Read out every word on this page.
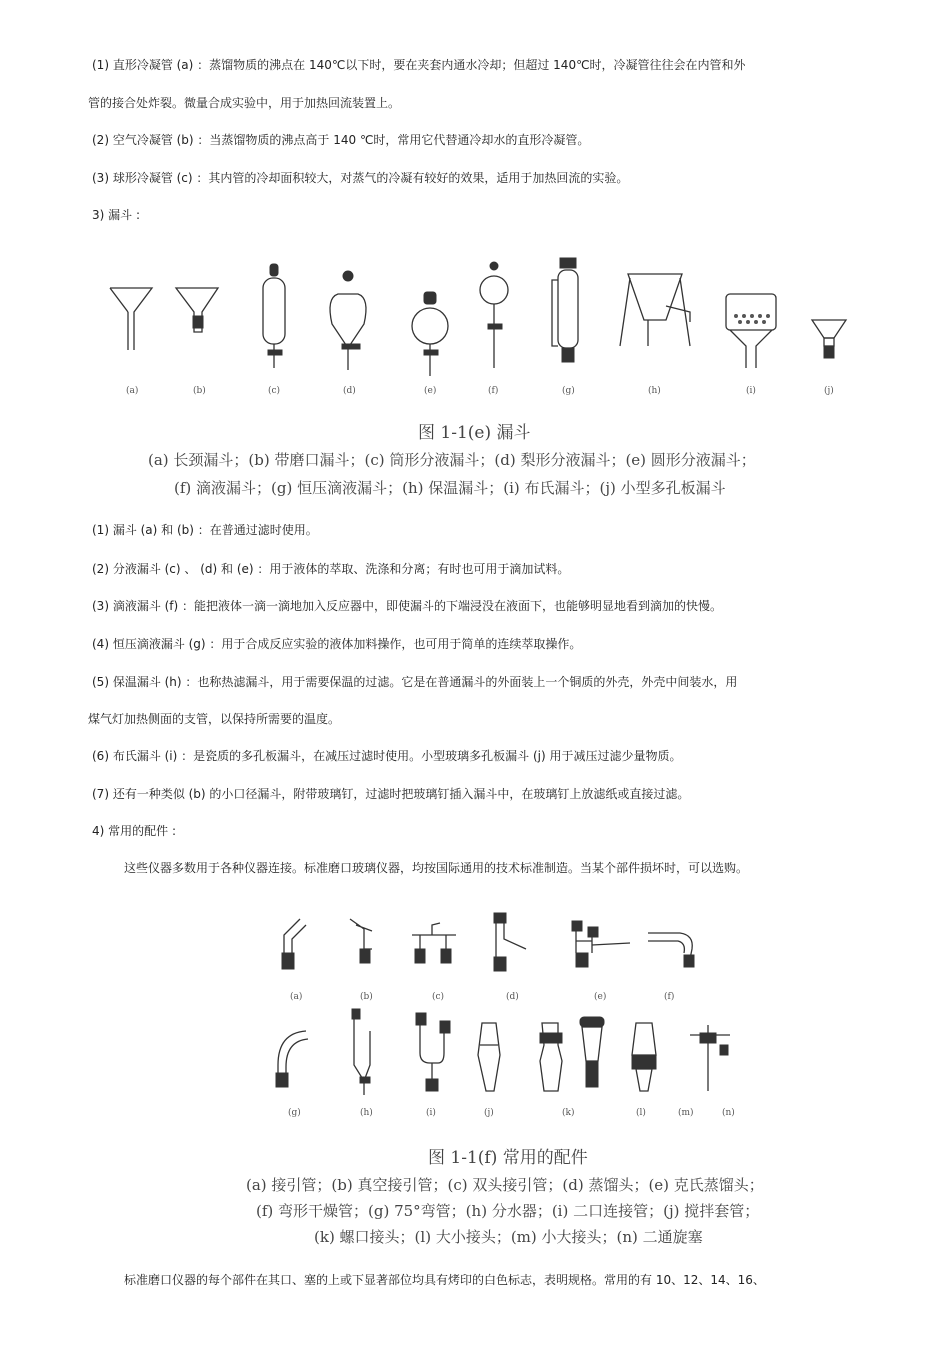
(1) 直形冷凝管 (a) ：蒸馏物质的沸点在 140℃以下时，要在夹套内通水冷却；但超过 140℃时，冷凝管往往会在内管和外
管的接合处炸裂。微量合成实验中，用于加热回流装置上。
(2) 空气冷凝管 (b) ：当蒸馏物质的沸点高于 140 ℃时，常用它代替通冷却水的直形冷凝管。
(3) 球形冷凝管 (c) ：其内管的冷却面积较大，对蒸气的冷凝有较好的效果，适用于加热回流的实验。
3) 漏斗 :
(a)	(b)	(c)	(d)	(e)	(f)	(g)	(h)	(i)	(j)
图 1-1(e) 漏斗
(a) 长颈漏斗；(b) 带磨口漏斗；(c) 筒形分液漏斗；(d) 梨形分液漏斗；(e) 圆形分液漏斗；
(f) 滴液漏斗；(g) 恒压滴液漏斗；(h) 保温漏斗；(i) 布氏漏斗；(j) 小型多孔板漏斗
(1) 漏斗 (a) 和 (b) ：在普通过滤时使用。
(2) 分液漏斗 (c) 、 (d) 和 (e) ：用于液体的萃取、洗涤和分离；有时也可用于滴加试料。
(3) 滴液漏斗 (f) ：能把液体一滴一滴地加入反应器中，即使漏斗的下端浸没在液面下，也能够明显地看到滴加的快慢。
(4) 恒压滴液漏斗 (g) ：用于合成反应实验的液体加料操作，也可用于简单的连续萃取操作。
(5) 保温漏斗 (h) ：也称热滤漏斗，用于需要保温的过滤。它是在普通漏斗的外面装上一个铜质的外壳，外壳中间装水，用
煤气灯加热侧面的支管，以保持所需要的温度。
(6) 布氏漏斗 (i) ：是瓷质的多孔板漏斗，在减压过滤时使用。小型玻璃多孔板漏斗 (j) 用于减压过滤少量物质。
(7) 还有一种类似 (b) 的小口径漏斗，附带玻璃钉，过滤时把玻璃钉插入漏斗中，在玻璃钉上放滤纸或直接过滤。
4) 常用的配件 :
这些仪器多数用于各种仪器连接。标准磨口玻璃仪器，均按国际通用的技术标准制造。当某个部件损坏时，可以选购。
(a)	(b)	(c)	(d)	(e)	(f)
(g)	(h)	(i)	(j)	(k)	(l)	(m)	(n)
图 1-1(f) 常用的配件
(a) 接引管；(b) 真空接引管；(c) 双头接引管；(d) 蒸馏头；(e) 克氏蒸馏头；
(f) 弯形干燥管；(g) 75°弯管；(h) 分水器；(i) 二口连接管；(j) 搅拌套管；
(k) 螺口接头；(l) 大小接头；(m) 小大接头；(n) 二通旋塞
标准磨口仪器的每个部件在其口、塞的上或下显著部位均具有烤印的白色标志，表明规格。常用的有 10、12、14、16、
